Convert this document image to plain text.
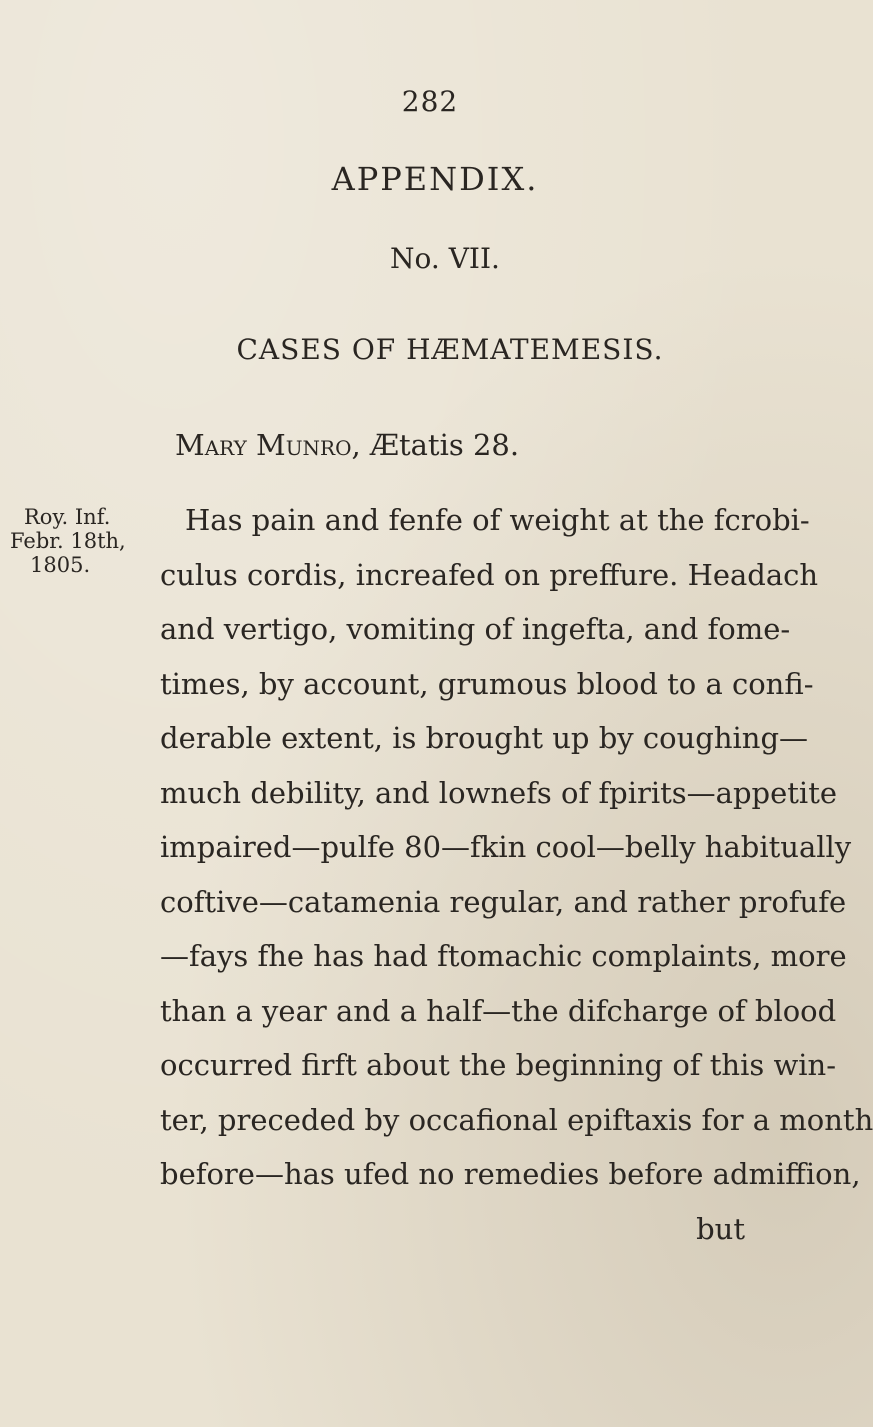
282
APPENDIX.
No. VII.
CASES OF HÆMATEMESIS.
Mary Munro, Ætatis 28.
Roy. Inf.
Febr. 18th,
1805.
Has pain and fenfe of weight at the fcrobi-
culus cordis, increafed on preffure. Headach
and vertigo, vomiting of ingefta, and fome-
times, by account, grumous blood to a confi-
derable extent, is brought up by coughing—
much debility, and lownefs of fpirits—appetite
impaired—pulfe 80—fkin cool—belly habitually
coftive—catamenia regular, and rather profufe
—fays fhe has had ftomachic complaints, more
than a year and a half—the difcharge of blood
occurred firft about the beginning of this win-
ter, preceded by occafional epiftaxis for a month
before—has ufed no remedies before admiffion,
but
